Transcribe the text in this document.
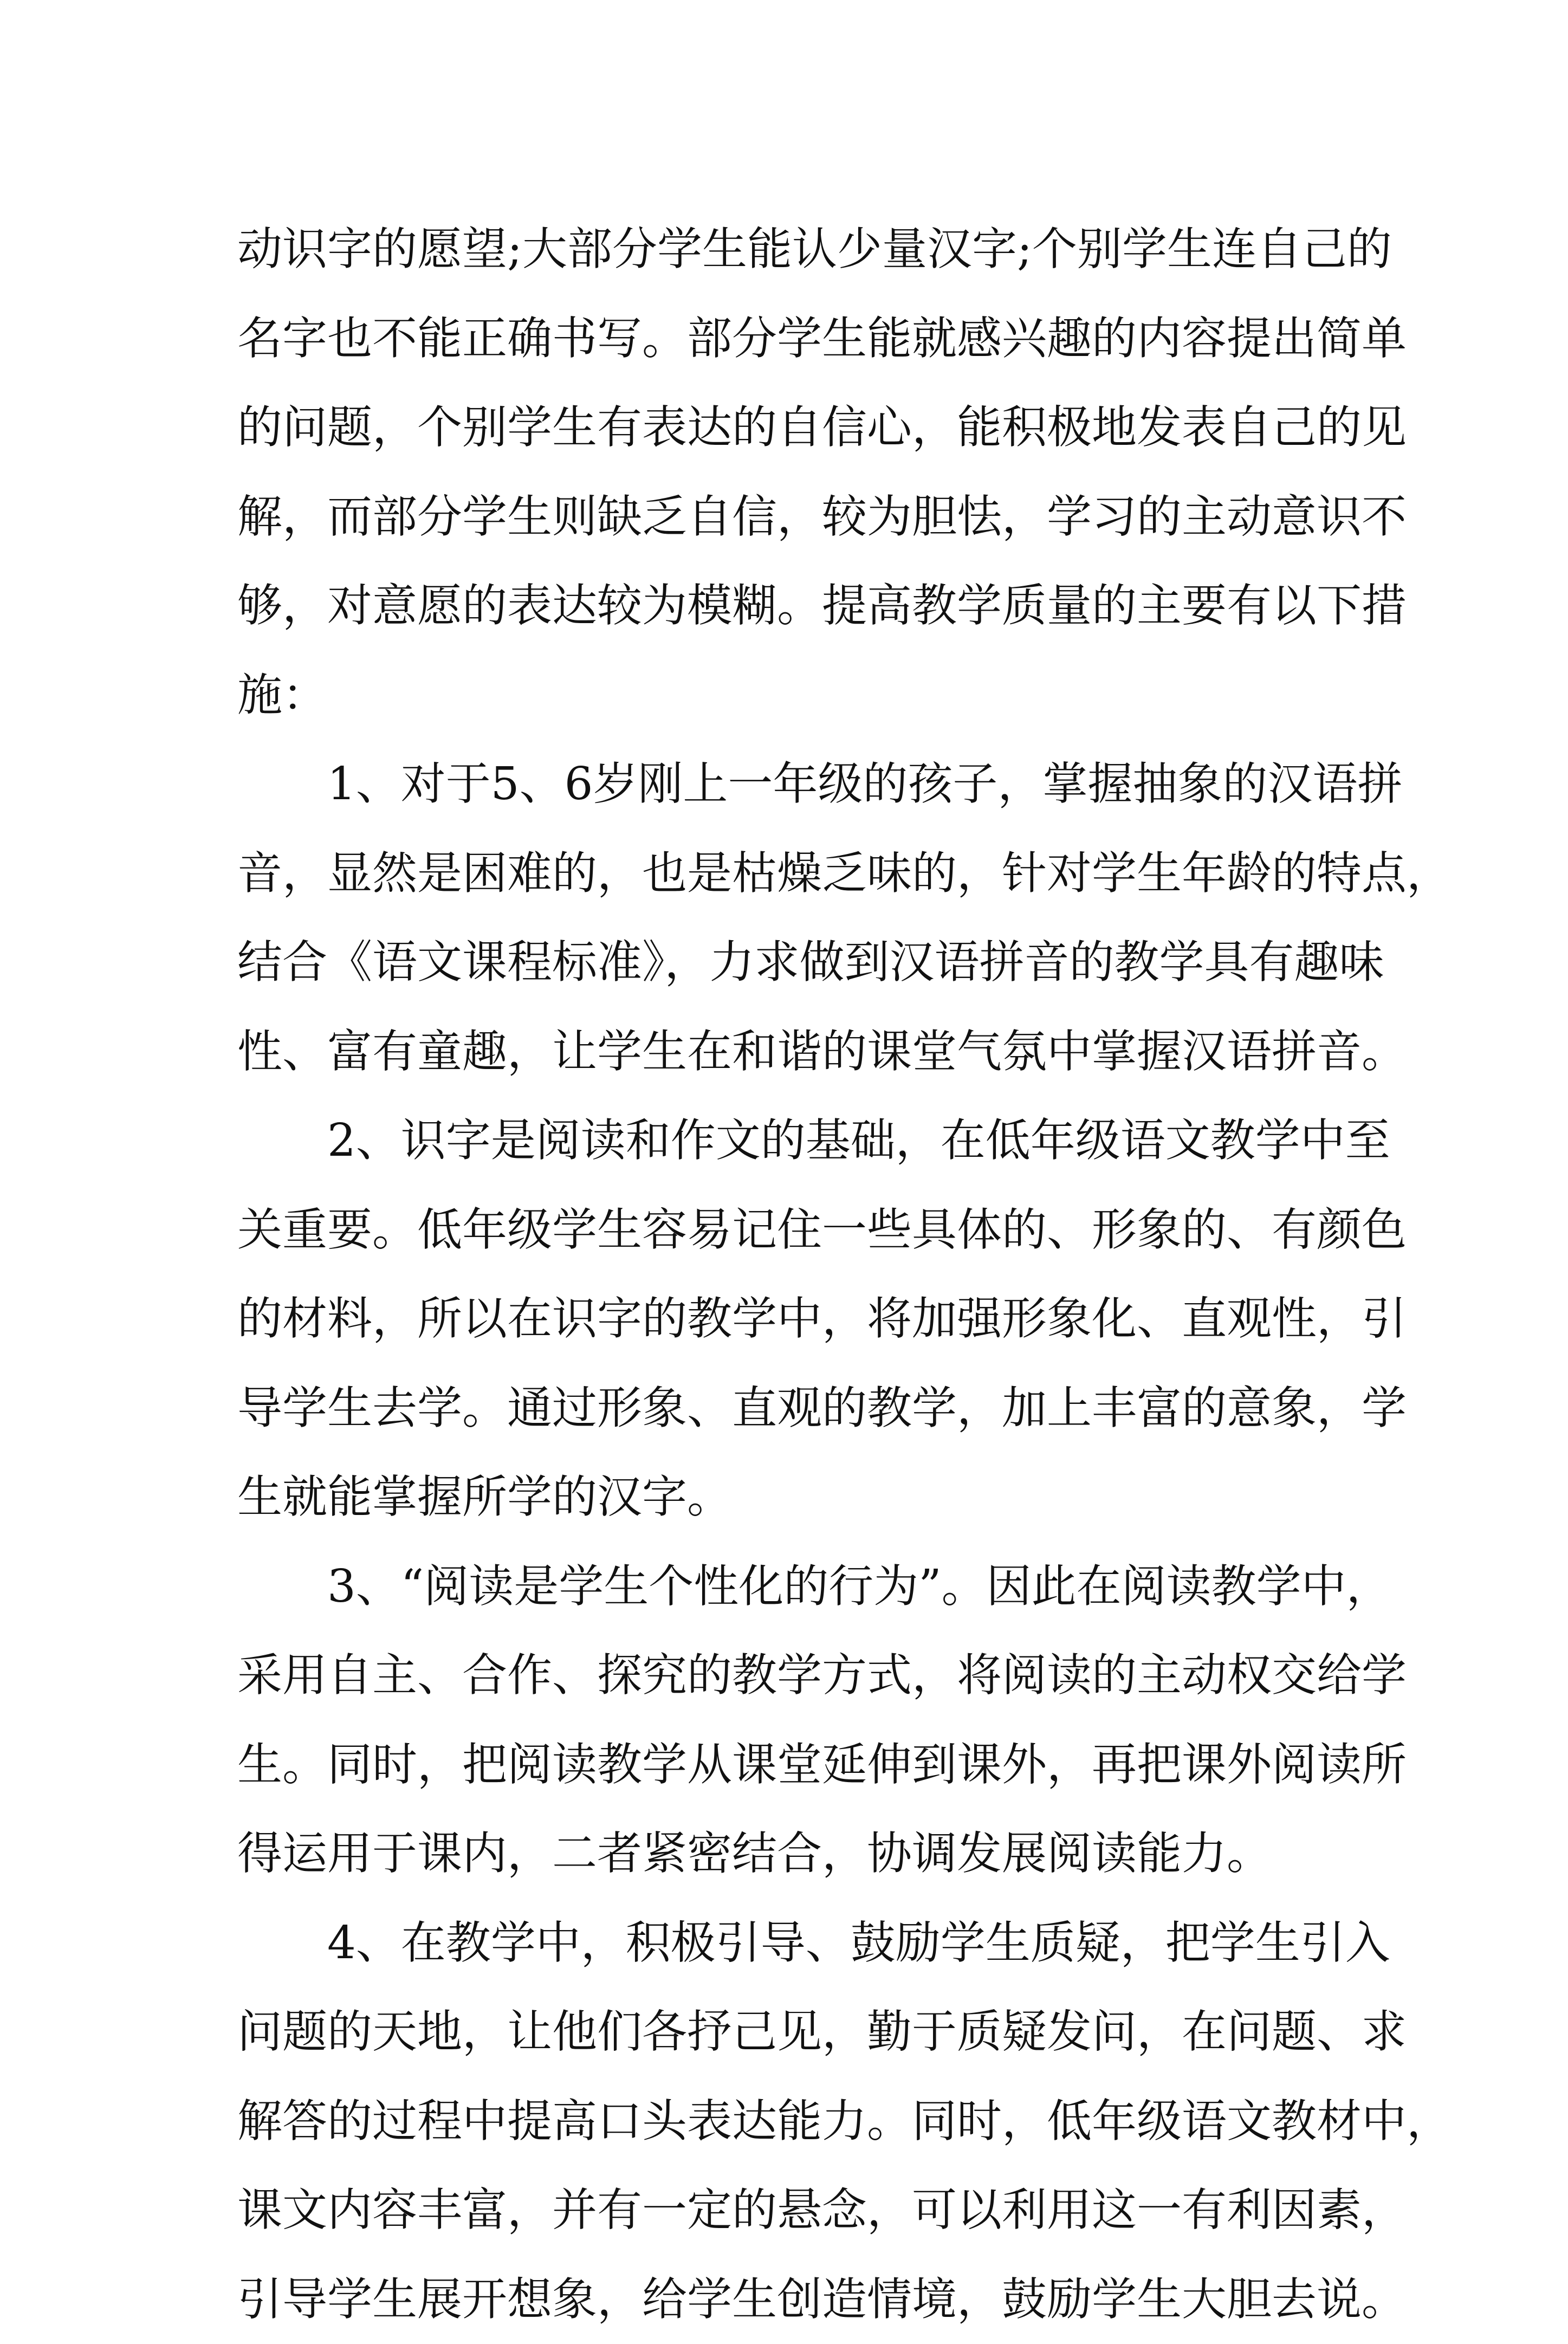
动识字的愿望;大部分学生能认少量汉字;个别学生连自己的
名字也不能正确书写。部分学生能就感兴趣的内容提出简单
的问题，个别学生有表达的自信心，能积极地发表自己的见
解，而部分学生则缺乏自信，较为胆怯，学习的主动意识不
够，对意愿的表达较为模糊。提高教学质量的主要有以下措
施：
1、对于5、6岁刚上一年级的孩子，掌握抽象的汉语拼
音，显然是困难的，也是枯燥乏味的，针对学生年龄的特点，
结合《语文课程标准》，力求做到汉语拼音的教学具有趣味
性、富有童趣，让学生在和谐的课堂气氛中掌握汉语拼音。
2、识字是阅读和作文的基础，在低年级语文教学中至
关重要。低年级学生容易记住一些具体的、形象的、有颜色
的材料，所以在识字的教学中，将加强形象化、直观性，引
导学生去学。通过形象、直观的教学，加上丰富的意象，学
生就能掌握所学的汉字。
3、“阅读是学生个性化的行为”。因此在阅读教学中，
采用自主、合作、探究的教学方式，将阅读的主动权交给学
生。同时，把阅读教学从课堂延伸到课外，再把课外阅读所
得运用于课内，二者紧密结合，协调发展阅读能力。
4、在教学中，积极引导、鼓励学生质疑，把学生引入
问题的天地，让他们各抒己见，勤于质疑发问，在问题、求
解答的过程中提高口头表达能力。同时，低年级语文教材中，
课文内容丰富，并有一定的悬念，可以利用这一有利因素，
引导学生展开想象，给学生创造情境，鼓励学生大胆去说。
